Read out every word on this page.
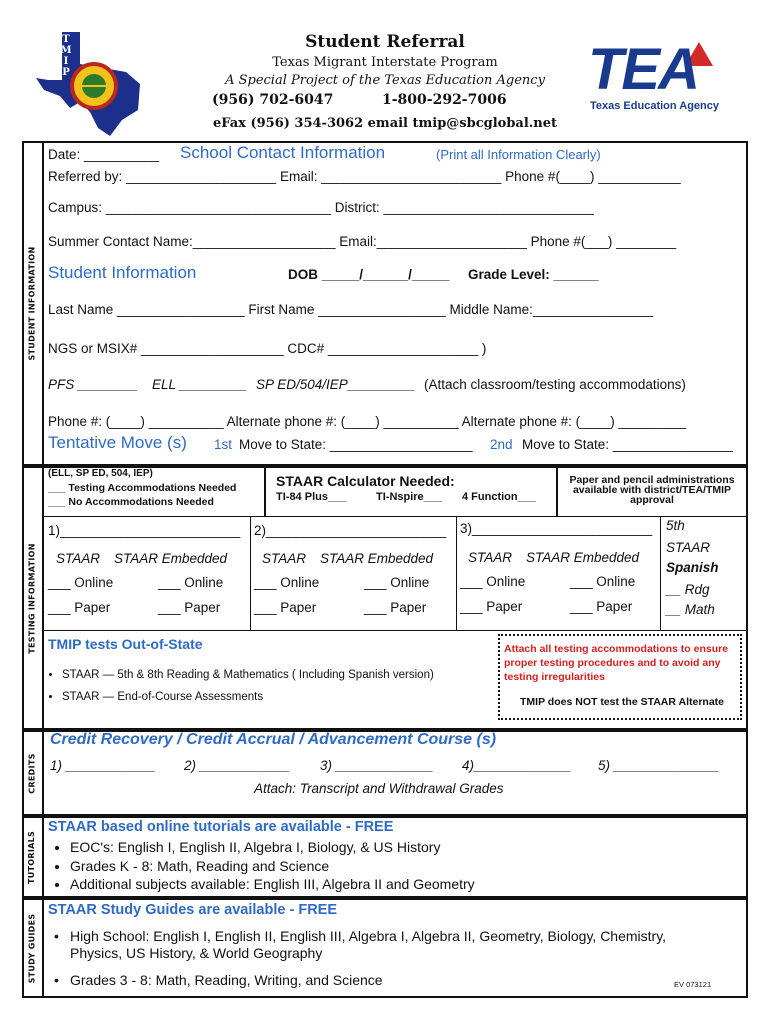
T
M
I
P	TEA
Texas Education Agency
Student Referral
Texas Migrant Interstate Program
A Special Project of the Texas Education Agency
(956) 702-6047	1-800-292-7006
eFax (956) 354-3062 email tmip@sbcglobal.net
STUDENT INFORMATION
Date: __________ School Contact Information	(Print all Information Clearly)
Referred by: ____________________ Email: ________________________ Phone #(____) ___________
Campus: ______________________________ District: ____________________________
Summer Contact Name:___________________ Email:____________________ Phone #(___) ________
Student Information	DOB _____/______/_____ Grade Level: ______
Last Name _________________ First Name _________________ Middle Name:________________
NGS or MSIX# ___________________ CDC# ____________________ )
PFS ________ ELL _________ SP ED/504/IEP_________ (Attach classroom/testing accommodations)
Phone #: (____) __________ Alternate phone #: (____) __________ Alternate phone #: (____) _________
Tentative Move (s) 1st Move to State: ___________________ 2nd Move to State: ________________
TESTING INFORMATION
(ELL, SP ED, 504, IEP)
___ Testing Accommodations Needed
___ No Accommodations Needed
STAAR Calculator Needed:
TI-84 Plus___	TI-Nspire___ 4 Function___
Paper and pencil administrations available with district/TEA/TMIP approval
1)________________________
STAAR STAAR Embedded
___ Online	___ Online
___ Paper	___ Paper
2)________________________
STAAR STAAR Embedded
___ Online	___ Online
___ Paper	___ Paper
3)________________________
STAAR STAAR Embedded
___ Online	___ Online
___ Paper	___ Paper
5th
STAAR
Spanish
__ Rdg
__ Math
TMIP tests Out-of-State
• STAAR — 5th & 8th Reading & Mathematics ( Including Spanish version)
• STAAR — End-of-Course Assessments
Attach all testing accommodations to ensure proper testing procedures and to avoid any testing irregularities
TMIP does NOT test the STAAR Alternate
CREDITS
Credit Recovery / Credit Accrual / Advancement Course (s)
1) ____________ 2) ____________ 3) _____________ 4)_____________ 5) ______________
Attach: Transcript and Withdrawal Grades
TUTORIALS
STAAR based online tutorials are available - FREE
• EOC's: English I, English II, Algebra I, Biology, & US History
• Grades K - 8: Math, Reading and Science
• Additional subjects available: English III, Algebra II and Geometry
STUDY GUIDES
STAAR Study Guides are available - FREE
• High School: English I, English II, English III, Algebra I, Algebra II, Geometry, Biology, Chemistry,
Physics, US History, & World Geography
• Grades 3 - 8: Math, Reading, Writing, and Science	EV 073121
